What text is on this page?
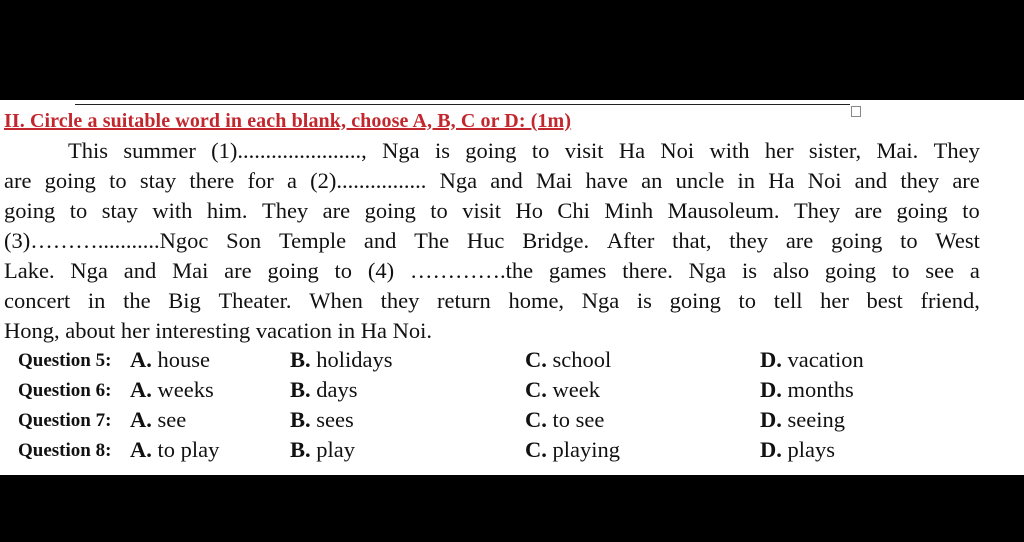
II. Circle a suitable word in each blank, choose A, B, C or D: (1m)
This summer (1)......................, Nga is going to visit Ha Noi with her sister, Mai. They
are going to stay there for a (2)................ Nga and Mai have an uncle in Ha Noi and they are
going to stay with him. They are going to visit Ho Chi Minh Mausoleum. They are going to
(3)………...........Ngoc Son Temple and The Huc Bridge. After that, they are going to West
Lake. Nga and Mai are going to (4) ………….the games there. Nga is also going to see a
concert in the Big Theater. When they return home, Nga is going to tell her best friend,
Hong, about her interesting vacation in Ha Noi.
Question 5: A. house	B. holidays	C. school	D. vacation
Question 6: A. weeks	B. days	C. week	D. months
Question 7: A. see	B. sees	C. to see	D. seeing
Question 8: A. to play	B. play	C. playing	D. plays
